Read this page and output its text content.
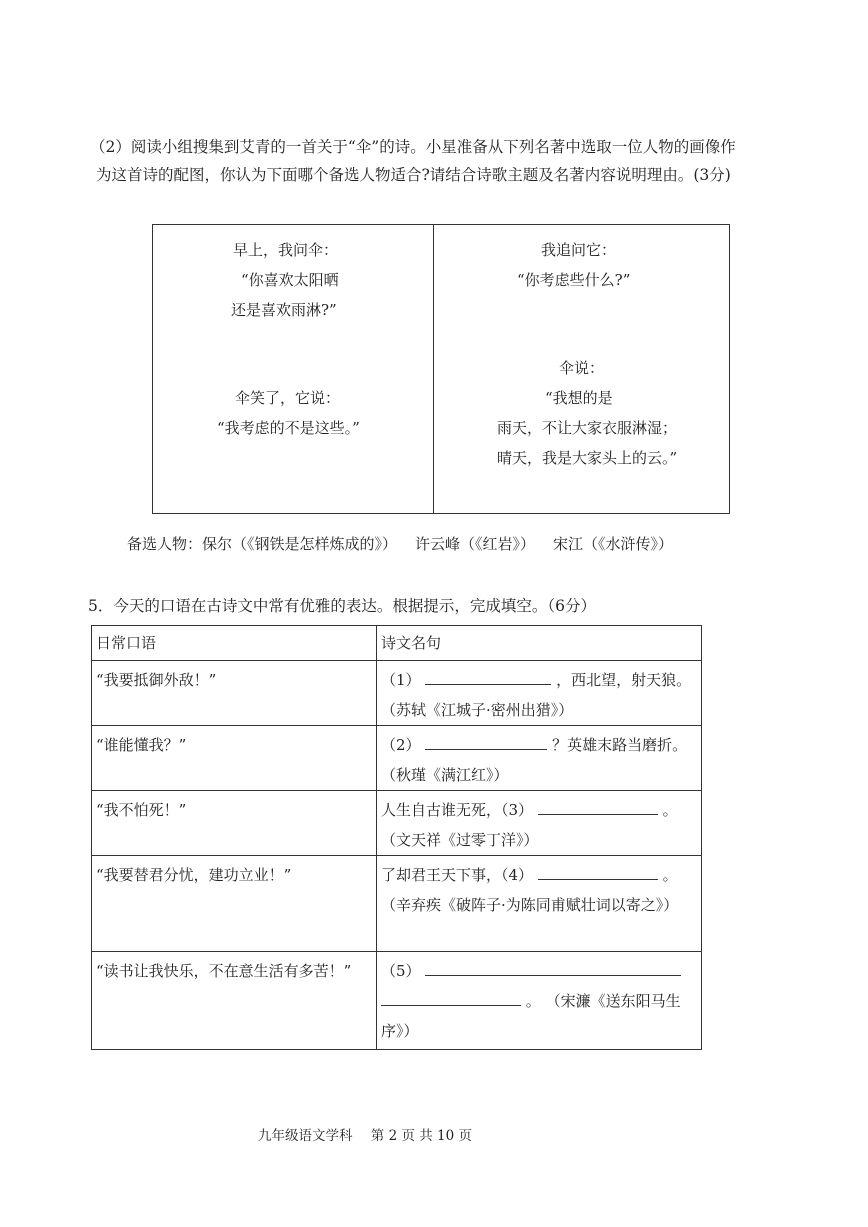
（2）阅读小组搜集到艾青的一首关于“伞”的诗。小星准备从下列名著中选取一位人物的画像作
为这首诗的配图，你认为下面哪个备选人物适合?请结合诗歌主题及名著内容说明理由。(3分)
早上，我问伞：
“你喜欢太阳晒
还是喜欢雨淋?”
伞笑了，它说：
“我考虑的不是这些。”
我追问它：
“你考虑些什么?”
伞说：
“我想的是
雨天，不让大家衣服淋湿；
晴天，我是大家头上的云。”
备选人物：保尔（《钢铁是怎样炼成的》） 许云峰（《红岩》） 宋江（《水浒传》）
5．今天的口语在古诗文中常有优雅的表达。根据提示，完成填空。（6分）
日常口语	诗文名句
“我要抵御外敌！”	（1） ，西北望，射天狼。
（苏轼《江城子·密州出猎》）

“谁能懂我？”	（2） ？英雄末路当磨折。
（秋瑾《满江红》）

“我不怕死！”	人生自古谁无死，（3） 。
（文天祥《过零丁洋》）

“我要替君分忧，建功立业！”	了却君王天下事，（4） 。
（辛弃疾《破阵子·为陈同甫赋壮词以寄之》）

“读书让我快乐，不在意生活有多苦！”	（5）
。 （宋濂《送东阳马生序》）
九年级语文学科 第 2 页 共 10 页
